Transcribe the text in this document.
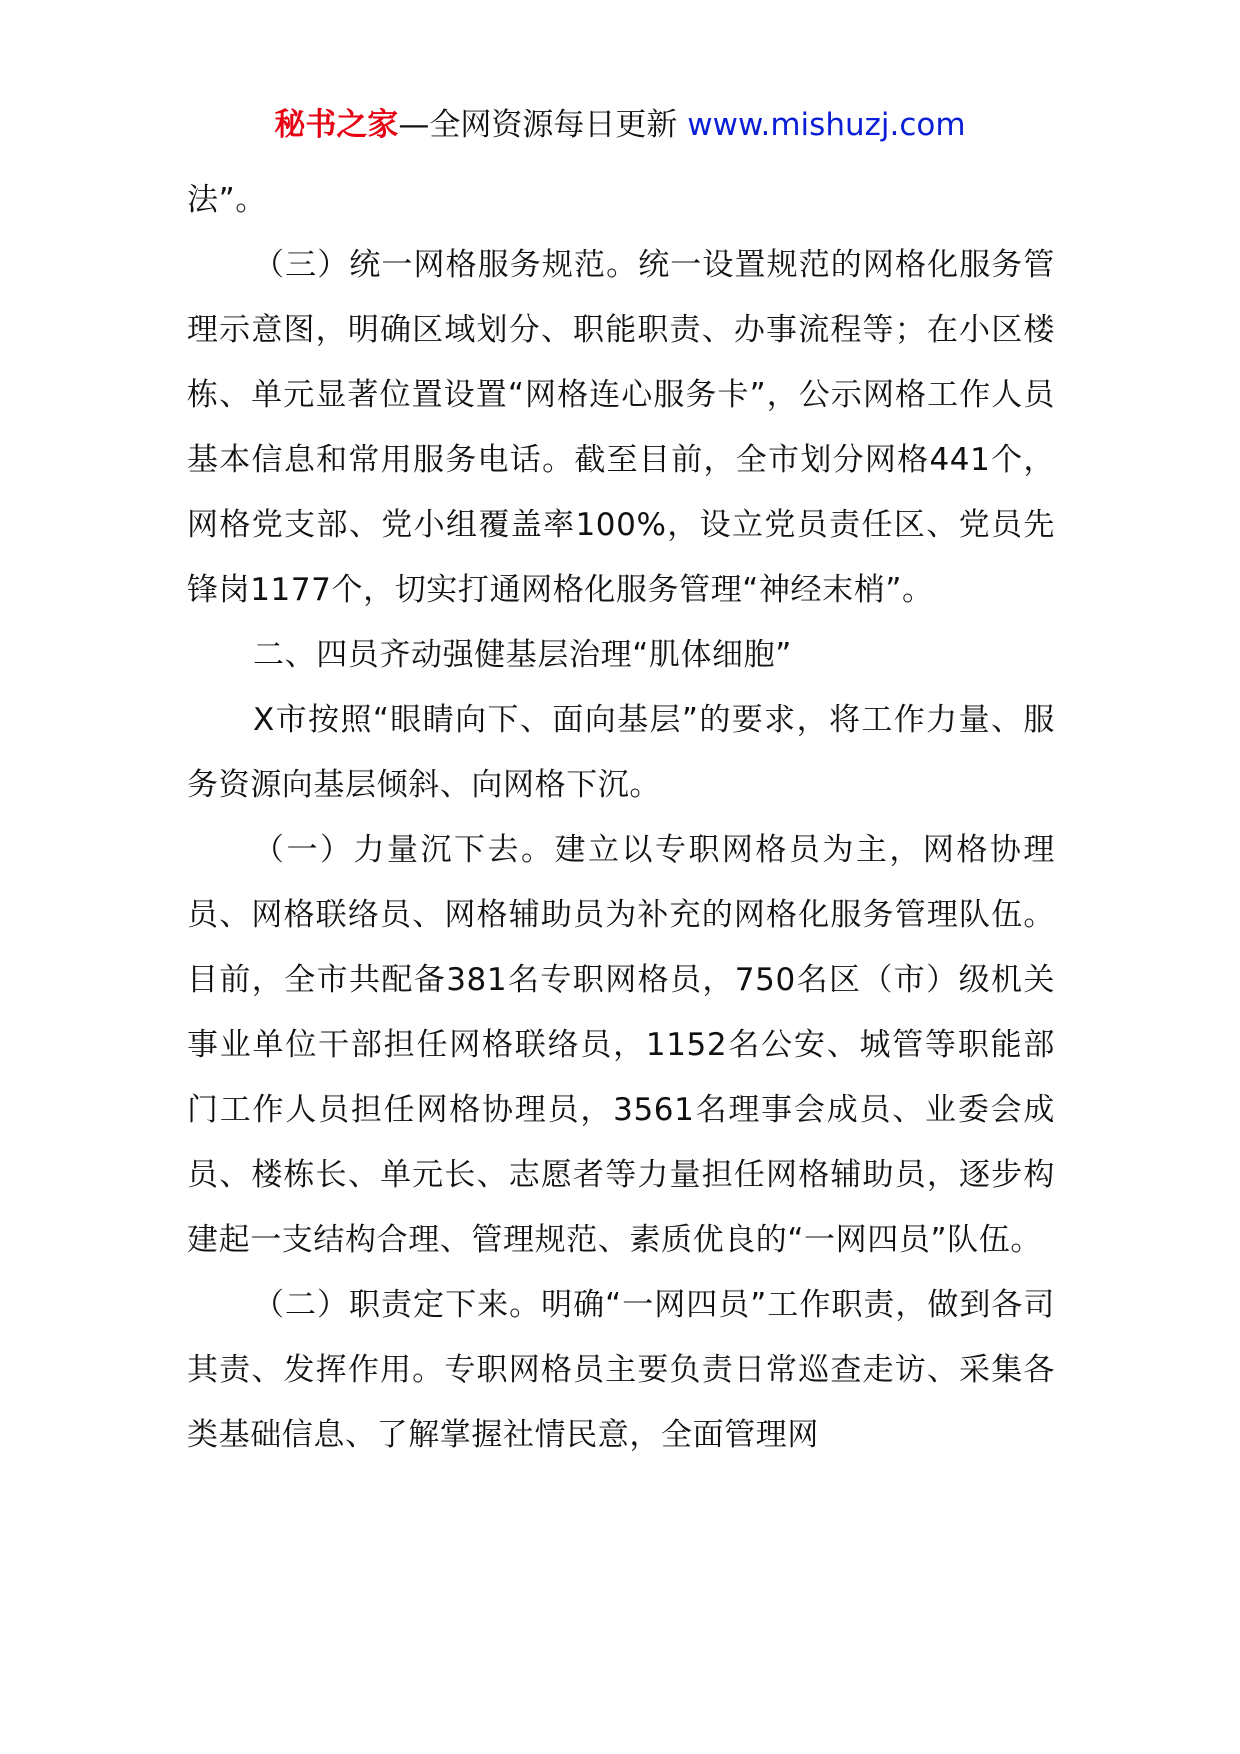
秘书之家—全网资源每日更新 www.mishuzj.com

法”。

（三）统一网格服务规范。统一设置规范的网格化服务管理示意图，明确区域划分、职能职责、办事流程等；在小区楼栋、单元显著位置设置“网格连心服务卡”，公示网格工作人员基本信息和常用服务电话。截至目前，全市划分网格441个，网格党支部、党小组覆盖率100%，设立党员责任区、党员先锋岗1177个，切实打通网格化服务管理“神经末梢”。

二、四员齐动强健基层治理“肌体细胞”

X市按照“眼睛向下、面向基层”的要求，将工作力量、服务资源向基层倾斜、向网格下沉。

（一）力量沉下去。建立以专职网格员为主，网格协理员、网格联络员、网格辅助员为补充的网格化服务管理队伍。目前，全市共配备381名专职网格员，750名区（市）级机关事业单位干部担任网格联络员，1152名公安、城管等职能部门工作人员担任网格协理员，3561名理事会成员、业委会成员、楼栋长、单元长、志愿者等力量担任网格辅助员，逐步构建起一支结构合理、管理规范、素质优良的“一网四员”队伍。

（二）职责定下来。明确“一网四员”工作职责，做到各司其责、发挥作用。专职网格员主要负责日常巡查走访、采集各类基础信息、了解掌握社情民意，全面管理网
